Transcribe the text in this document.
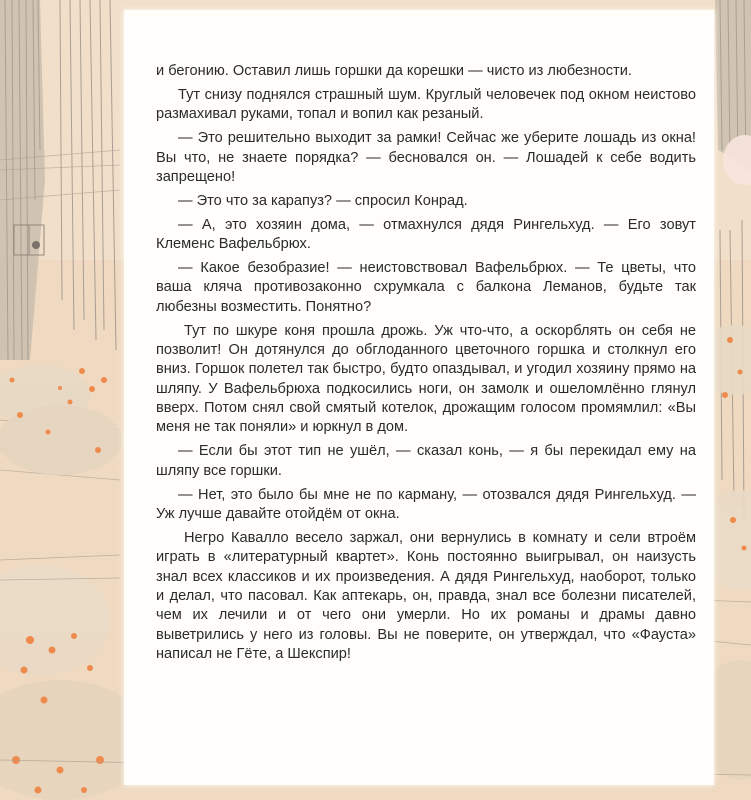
и бегонию. Оставил лишь горшки да корешки — чисто из любезности.

Тут снизу поднялся страшный шум. Круглый человечек под окном неистово размахивал руками, топал и вопил как резаный.

— Это решительно выходит за рамки! Сейчас же уберите лошадь из окна! Вы что, не знаете порядка? — бесновался он. — Лошадей к себе водить запрещено!

— Это что за карапуз? — спросил Конрад.

— А, это хозяин дома, — отмахнулся дядя Рингельхуд. — Его зовут Клеменс Вафельбрюх.

— Какое безобразие! — неистовствовал Вафельбрюх. — Те цветы, что ваша кляча противозаконно схрумкала с балкона Леманов, будьте так любезны возместить. Понятно?

Тут по шкуре коня прошла дрожь. Уж что-что, а оскорблять он себя не позволит! Он дотянулся до обглоданного цветочного горшка и столкнул его вниз. Горшок полетел так быстро, будто опаздывал, и угодил хозяину прямо на шляпу. У Вафельбрюха подкосились ноги, он замолк и ошеломлённо глянул вверх. Потом снял свой смятый котелок, дрожащим голосом промямлил: «Вы меня не так поняли» и юркнул в дом.

— Если бы этот тип не ушёл, — сказал конь, — я бы перекидал ему на шляпу все горшки.

— Нет, это было бы мне не по карману, — отозвался дядя Рингельхуд. — Уж лучше давайте отойдём от окна.

Негро Кавалло весело заржал, они вернулись в комнату и сели втроём играть в «литературный квартет». Конь постоянно выигрывал, он наизусть знал всех классиков и их произведения. А дядя Рингельхуд, наоборот, только и делал, что пасовал. Как аптекарь, он, правда, знал все болезни писателей, чем их лечили и от чего они умерли. Но их романы и драмы давно выветрились у него из головы. Вы не поверите, он утверждал, что «Фауста» написал не Гёте, а Шекспир!
